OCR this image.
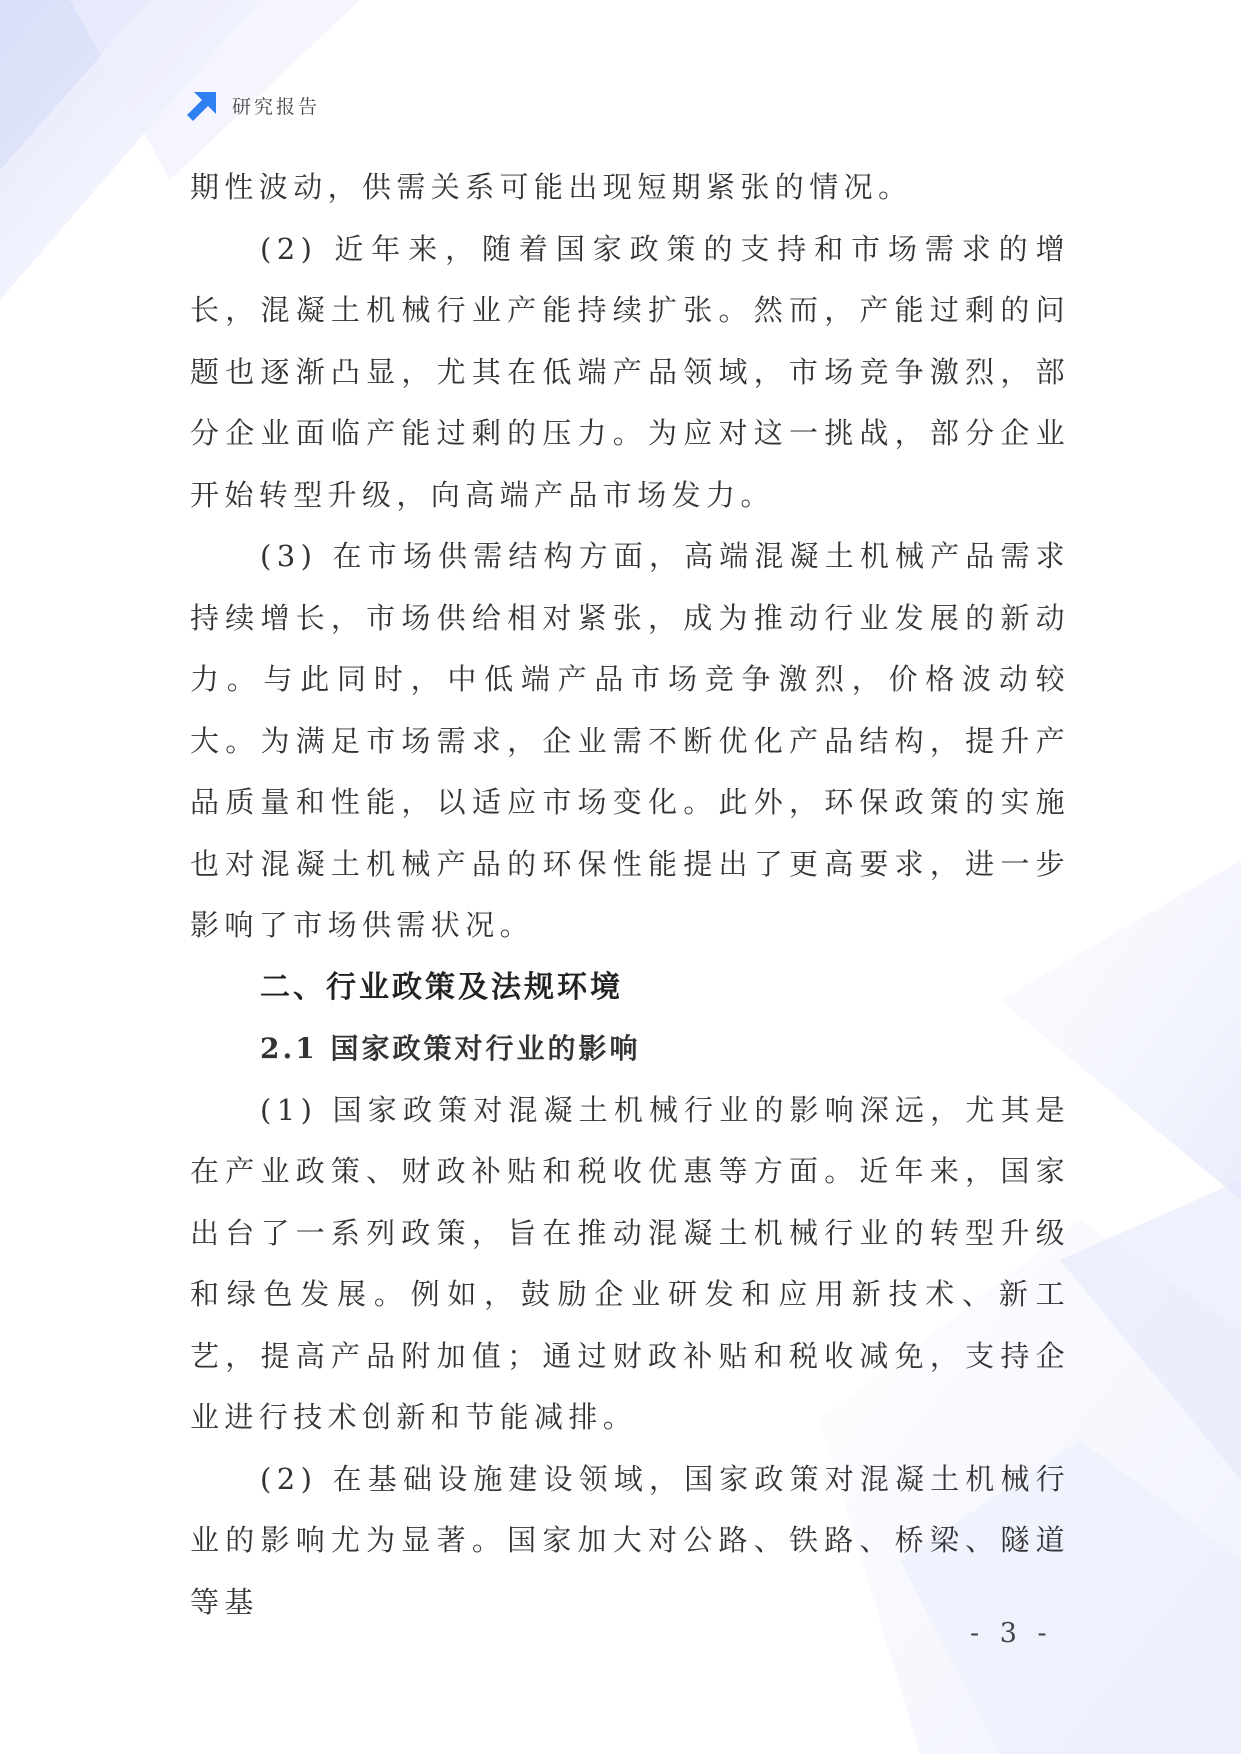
研究报告

期性波动，供需关系可能出现短期紧张的情况。

(2) 近年来，随着国家政策的支持和市场需求的增长，混凝土机械行业产能持续扩张。然而，产能过剩的问题也逐渐凸显，尤其在低端产品领域，市场竞争激烈，部分企业面临产能过剩的压力。为应对这一挑战，部分企业开始转型升级，向高端产品市场发力。

(3) 在市场供需结构方面，高端混凝土机械产品需求持续增长，市场供给相对紧张，成为推动行业发展的新动力。与此同时，中低端产品市场竞争激烈，价格波动较大。为满足市场需求，企业需不断优化产品结构，提升产品质量和性能，以适应市场变化。此外，环保政策的实施也对混凝土机械产品的环保性能提出了更高要求，进一步影响了市场供需状况。

二、行业政策及法规环境
2.1 国家政策对行业的影响

(1) 国家政策对混凝土机械行业的影响深远，尤其是在产业政策、财政补贴和税收优惠等方面。近年来，国家出台了一系列政策，旨在推动混凝土机械行业的转型升级和绿色发展。例如，鼓励企业研发和应用新技术、新工艺，提高产品附加值；通过财政补贴和税收减免，支持企业进行技术创新和节能减排。

(2) 在基础设施建设领域，国家政策对混凝土机械行业的影响尤为显著。国家加大对公路、铁路、桥梁、隧道等基

- 3 -
